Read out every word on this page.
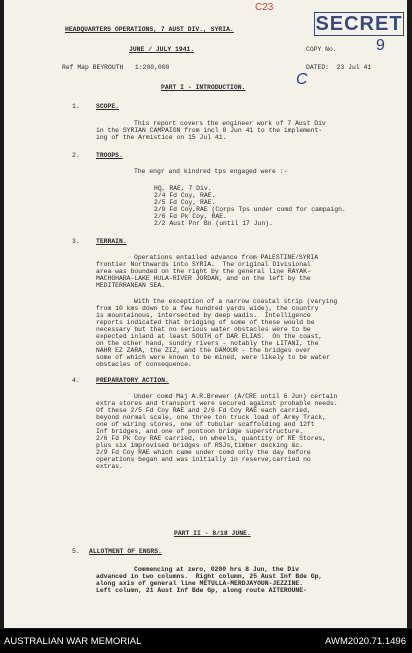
C23
SECRET
9
C
HEADQUARTERS OPERATIONS, 7 AUST DIV., SYRIA.
JUNE / JULY 1941.	COPY No.
Ref Map BEYROUTH   1:200,000	DATED:  23 Jul 41
PART I - INTRODUCTION.
1.	SCOPE.
This report covers the engineer work of 7 Aust Div
in the SYRIAN CAMPAIGN from incl 8 Jun 41 to the implement-
ing of the Armistice on 15 Jul 41.
2.	TROOPS.
The engr and kindred tps engaged were :-
HQ, RAE, 7 Div.
2/4 Fd Coy, RAE.
2/5 Fd Coy, RAE.
2/9 Fd Coy,RAE (Corps Tps under comd for campaign.
2/6 Fd Pk Coy, RAE.
2/2 Aust Pnr Bn (until 17 Jun).
3.	TERRAIN.
Operations entailed advance from PALESTINE/SYRIA
frontier Northwards into SYRIA.  The original Divisional
area was bounded on the right by the general line RAYAK-
MACHGHARA-LAKE HULA-RIVER JORDAN, and on the left by the
MEDITERRANEAN SEA.
With the exception of a narrow coastal strip (varying
from 10 kms down to a few hundred yards wide), the country
is mountainous, intersected by deep wadis.  Intelligence
reports indicated that bridging of some of these would be
necessary but that no serious water obstacles were to be
expected inland at least SOUTH of DAR ELIAS.  On the coast,
on the other hand, sundry rivers - notably the LITANI, the
NAHR EZ ZARA, the ZIZ, and the DAMOUR - the bridges over
some of which were known to be mined, were likely to be water
obstacles of consequence.
4.	PREPARATORY ACTION.
Under comd Maj A.R.Brewer (A/CRE until 6 Jun) certain
extra stores and transport were secured against probable needs.
Of these 2/5 Fd Coy RAE and 2/6 Fd Coy RAE each carried,
beyond normal scale, one three ton truck load of Army Track,
one of wiring stores, one of tubular scaffolding and 12ft
Inf bridges, and one of pontoon bridge superstructure.
2/6 Fd Pk Coy RAE carried, on wheels, quantity of RE Stores,
plus six improvised bridges of RSJs,timber decking &c.
2/9 Fd Coy RAE which came under comd only the day before
operations began and was initially in reserve,carried no
extras.
PART II - 8/18 JUNE.
5. ALLOTMENT OF ENGRS.
Commencing at zero, 0200 hrs 8 Jun, the Div
advanced in two columns.  Right column, 25 Aust Inf Bde Gp,
along axis of general line METULLA-MERDJAYOUN-JEZZINE.
Left column, 21 Aust Inf Bde Gp, along route AITEROUNE-
AUSTRALIAN WAR MEMORIAL	AWM2020.71.1496
